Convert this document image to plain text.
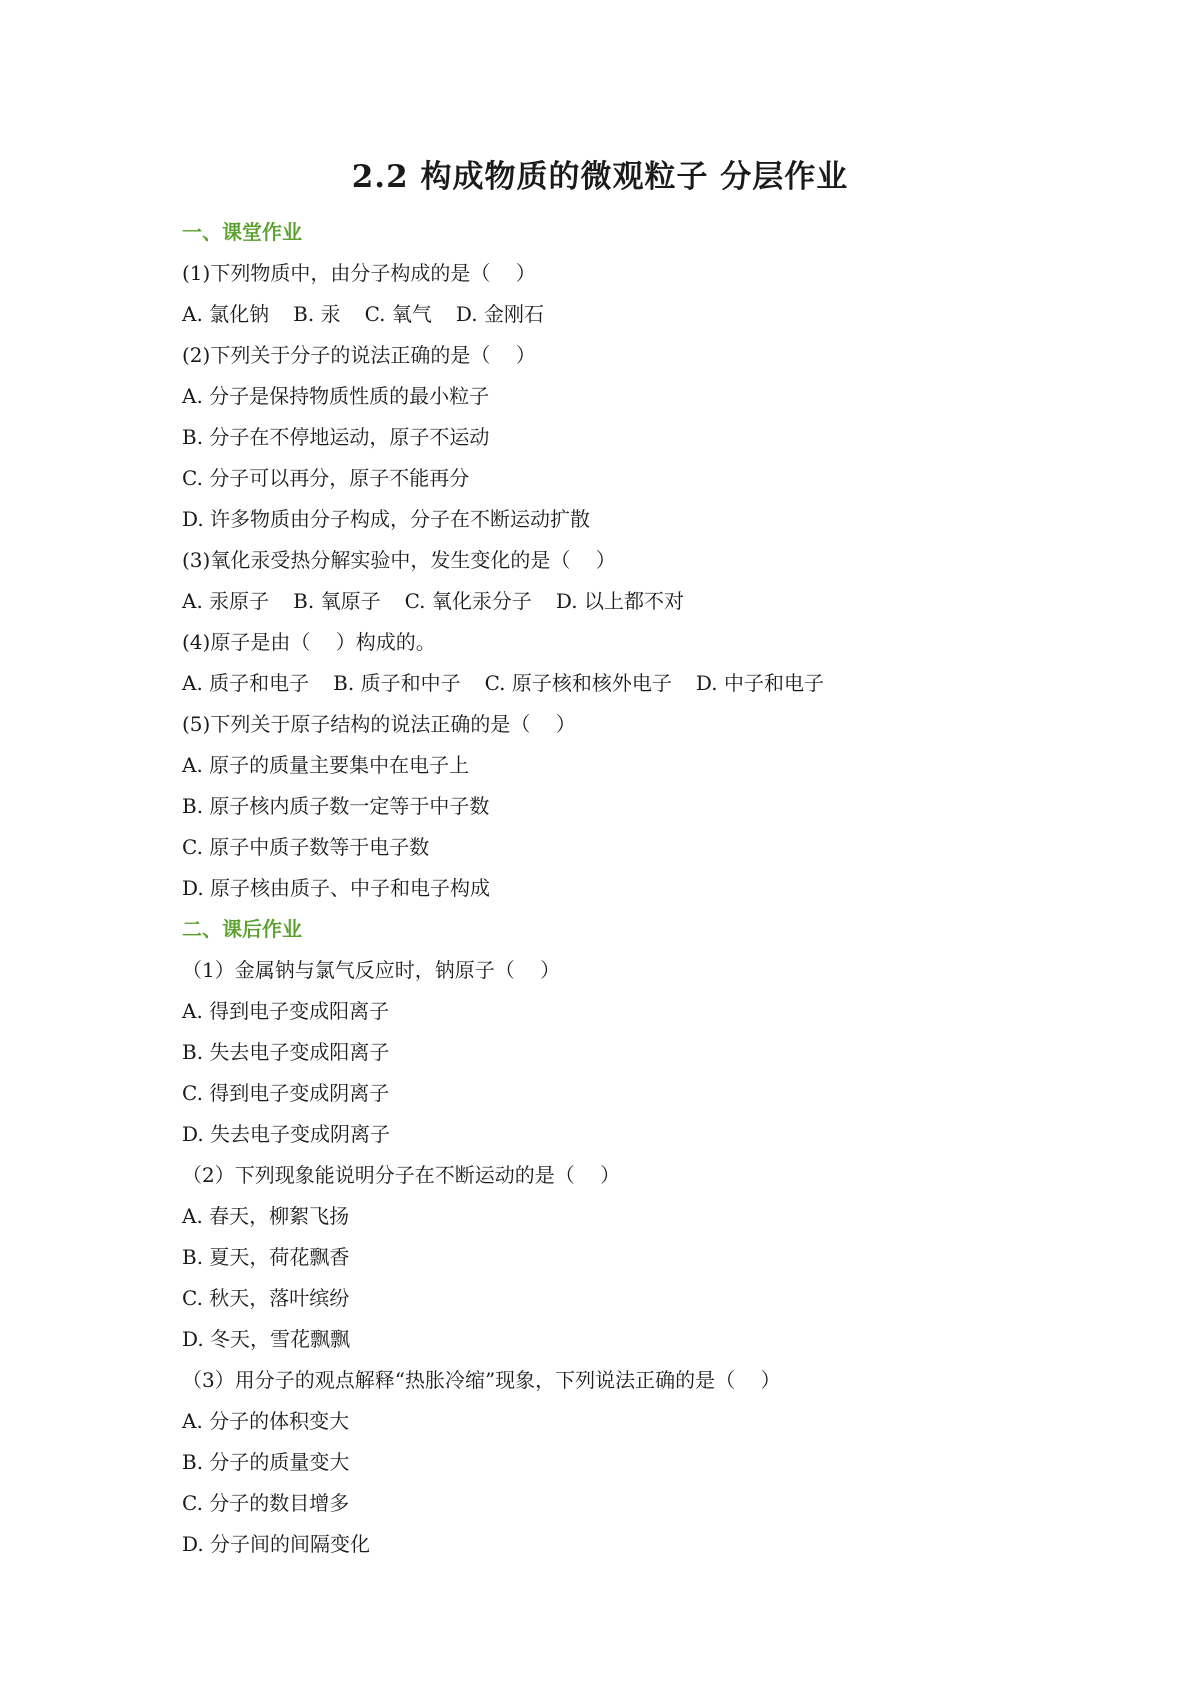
2.2 构成物质的微观粒子 分层作业
一、课堂作业
(1)下列物质中，由分子构成的是（    ）
A. 氯化钠 B. 汞 C. 氧气 D. 金刚石
(2)下列关于分子的说法正确的是（    ）
A. 分子是保持物质性质的最小粒子
B. 分子在不停地运动，原子不运动
C. 分子可以再分，原子不能再分
D. 许多物质由分子构成，分子在不断运动扩散
(3)氧化汞受热分解实验中，发生变化的是（    ）
A. 汞原子 B. 氧原子 C. 氧化汞分子 D. 以上都不对
(4)原子是由（    ）构成的。
A. 质子和电子 B. 质子和中子 C. 原子核和核外电子 D. 中子和电子
(5)下列关于原子结构的说法正确的是（    ）
A. 原子的质量主要集中在电子上
B. 原子核内质子数一定等于中子数
C. 原子中质子数等于电子数
D. 原子核由质子、中子和电子构成
二、课后作业
（1）金属钠与氯气反应时，钠原子（    ）
A. 得到电子变成阳离子
B. 失去电子变成阳离子
C. 得到电子变成阴离子
D. 失去电子变成阴离子
（2）下列现象能说明分子在不断运动的是（    ）
A. 春天，柳絮飞扬
B. 夏天，荷花飘香
C. 秋天，落叶缤纷
D. 冬天，雪花飘飘
（3）用分子的观点解释“热胀冷缩”现象，下列说法正确的是（    ）
A. 分子的体积变大
B. 分子的质量变大
C. 分子的数目增多
D. 分子间的间隔变化
